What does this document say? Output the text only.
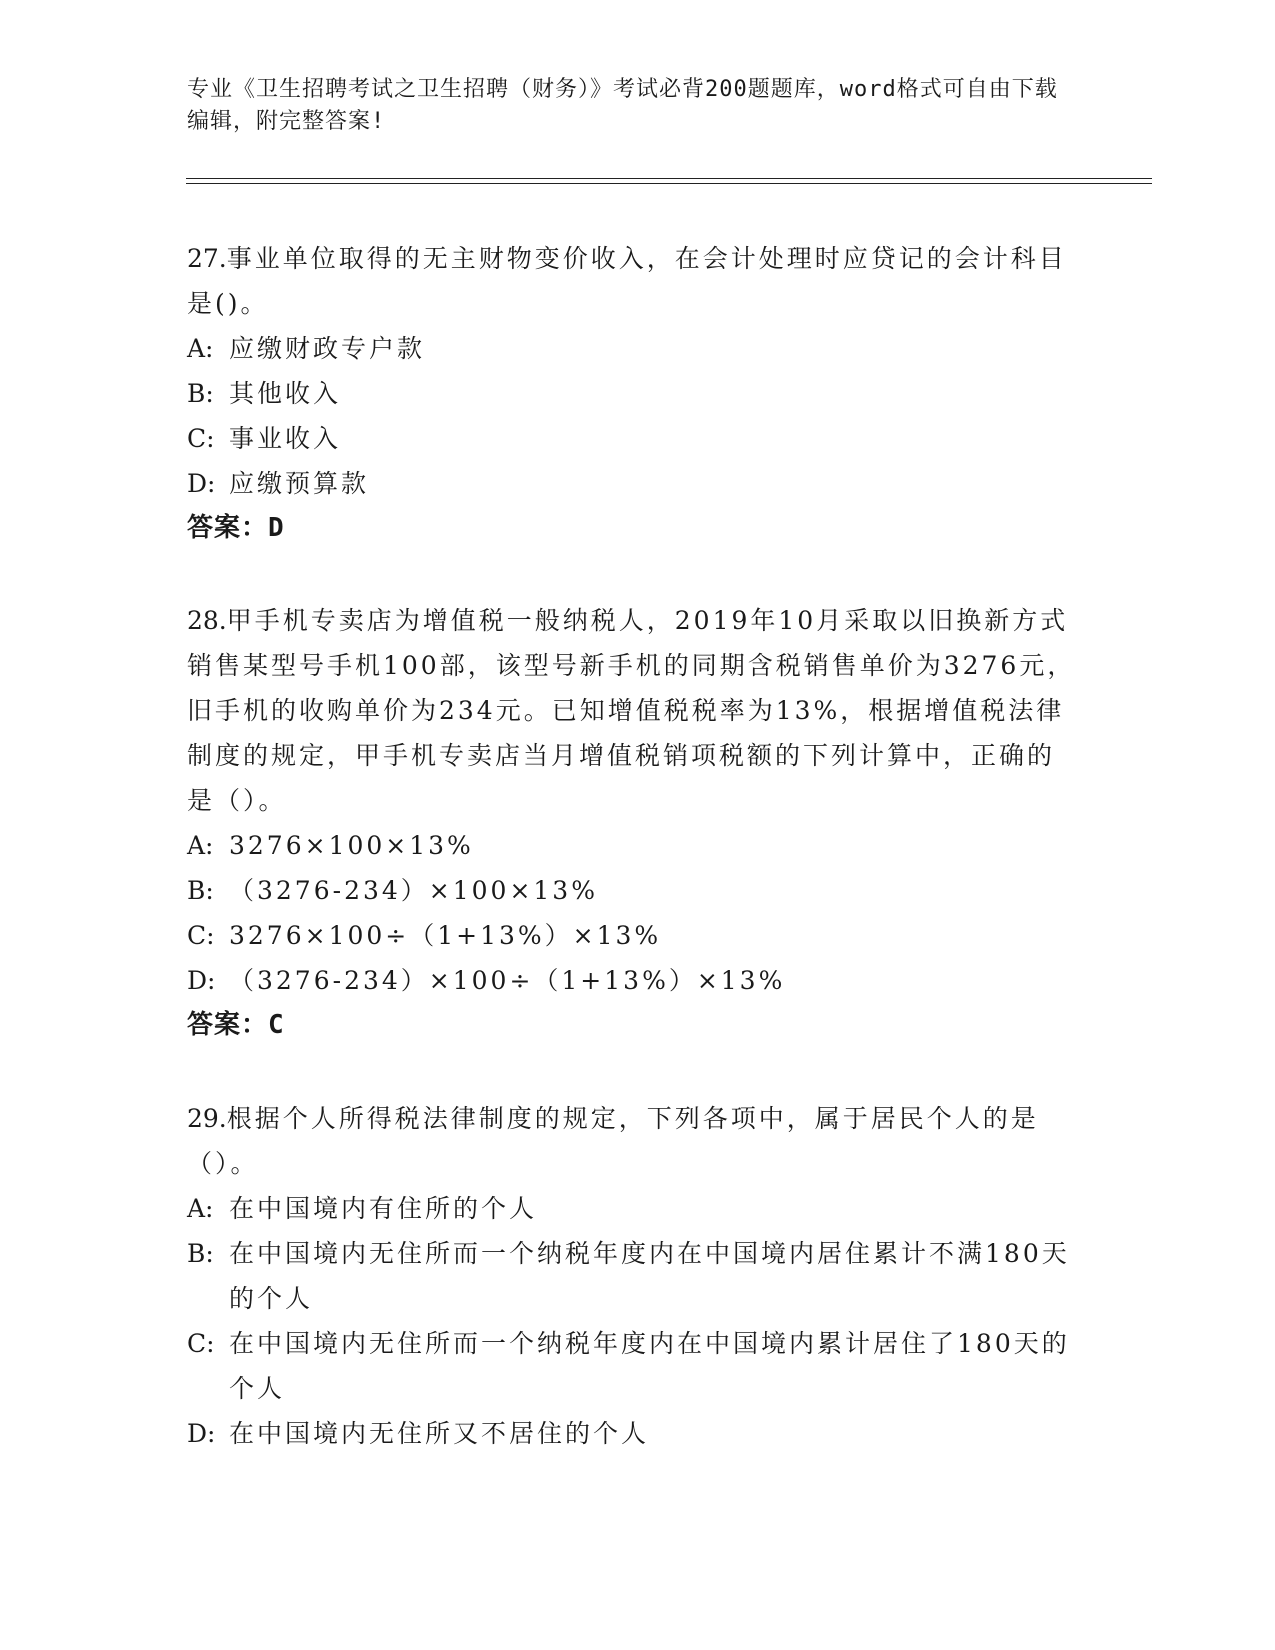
专业《卫生招聘考试之卫生招聘（财务）》考试必背200题题库，word格式可自由下载编辑，附完整答案!

27.事业单位取得的无主财物变价收入，在会计处理时应贷记的会计科目是()。

A: 应缴财政专户款

B: 其他收入

C: 事业收入

D: 应缴预算款

答案：D

28.甲手机专卖店为增值税一般纳税人，2019年10月采取以旧换新方式销售某型号手机100部，该型号新手机的同期含税销售单价为3276元，旧手机的收购单价为234元。已知增值税税率为13%，根据增值税法律制度的规定，甲手机专卖店当月增值税销项税额的下列计算中，正确的是（）。

A: 3276×100×13%

B: （3276-234）×100×13%

C: 3276×100÷（1+13%）×13%

D: （3276-234）×100÷（1+13%）×13%

答案：C

29.根据个人所得税法律制度的规定，下列各项中，属于居民个人的是（）。

A: 在中国境内有住所的个人

B: 在中国境内无住所而一个纳税年度内在中国境内居住累计不满180天的个人

C: 在中国境内无住所而一个纳税年度内在中国境内累计居住了180天的个人

D: 在中国境内无住所又不居住的个人
